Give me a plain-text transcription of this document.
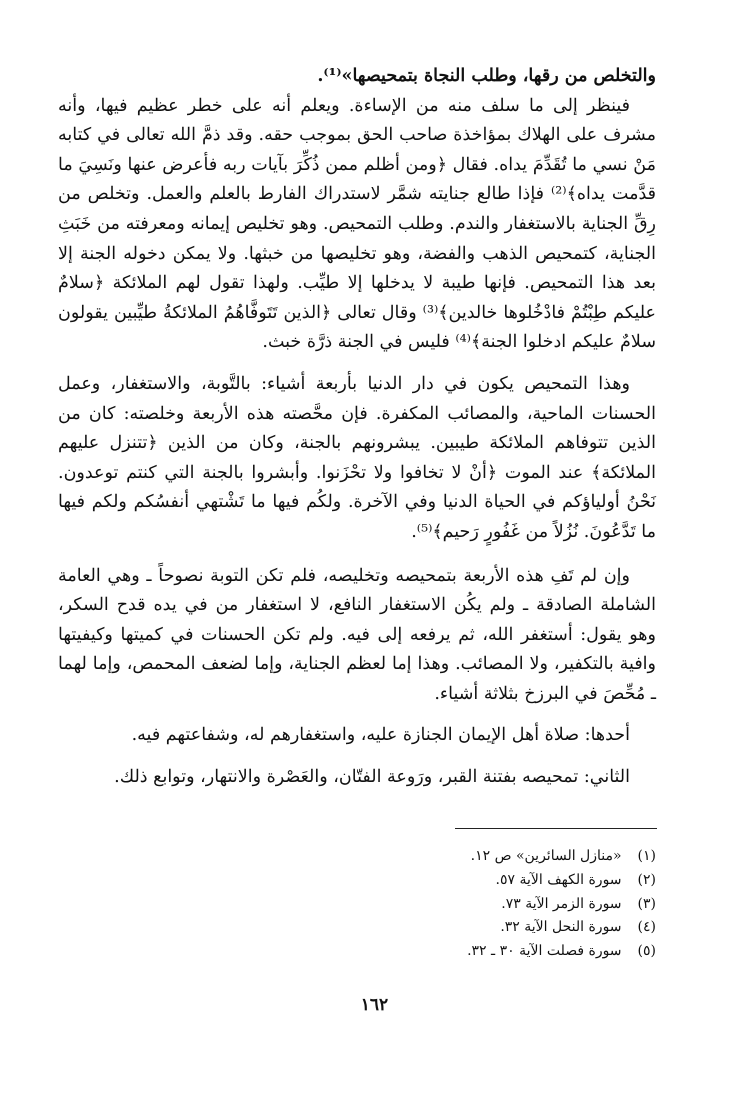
والتخلص من رقها، وطلب النجاة بتمحيصها»⁽¹⁾.

فينظر إلى ما سلف منه من الإساءة. ويعلم أنه على خطر عظيم فيها، وأنه مشرف على الهلاك بمؤاخذة صاحب الحق بموجب حقه. وقد ذمَّ الله تعالى في كتابه مَنْ نسي ما تُقَدِّمَ يداه. فقال ﴿ومن أظلم ممن ذُكِّرَ بآيات ربه فأعرض عنها ونَسِيَ ما قدَّمت يداه﴾⁽²⁾ فإذا طالع جنايته شمَّر لاستدراك الفارط بالعلم والعمل. وتخلص من رِقِّ الجناية بالاستغفار والندم. وطلب التمحيص. وهو تخليص إيمانه ومعرفته من خَبَثِ الجناية، كتمحيص الذهب والفضة، وهو تخليصها من خبثها. ولا يمكن دخوله الجنة إلا بعد هذا التمحيص. فإنها طيبة لا يدخلها إلا طيِّب. ولهذا تقول لهم الملائكة ﴿سلامٌ عليكم طِبْتُمْ فادْخُلوها خالدين﴾⁽³⁾ وقال تعالى ﴿الذين تَتَوفَّاهُمُ الملائكةُ طيِّبين يقولون سلامٌ عليكم ادخلوا الجنة﴾⁽⁴⁾ فليس في الجنة ذرَّة خبث.

وهذا التمحيص يكون في دار الدنيا بأربعة أشياء: بالتَّوبة، والاستغفار، وعمل الحسنات الماحية، والمصائب المكفرة. فإن محَّصته هذه الأربعة وخلصته: كان من الذين تتوفاهم الملائكة طيبين. يبشرونهم بالجنة، وكان من الذين ﴿تتنزل عليهم الملائكة﴾ عند الموت ﴿أنْ لا تخافوا ولا تحْزَنوا. وأبشروا بالجنة التي كنتم توعدون. نَحْنُ أولياؤكم في الحياة الدنيا وفي الآخرة. ولكُم فيها ما تَشْتهي أنفسُكم ولكم فيها ما تَدَّعُونَ. نُزُلاً من غَفُورٍ رَحيم﴾⁽⁵⁾.

وإن لم تَفِ هذه الأربعة بتمحيصه وتخليصه، فلم تكن التوبة نصوحاً ـ وهي العامة الشاملة الصادقة ـ ولم يكُن الاستغفار النافع، لا استغفار من في يده قدح السكر، وهو يقول: أستغفر الله، ثم يرفعه إلى فيه. ولم تكن الحسنات في كميتها وكيفيتها وافية بالتكفير، ولا المصائب. وهذا إما لعظم الجناية، وإما لضعف المحمص، وإما لهما ـ مُحِّصَ في البرزخ بثلاثة أشياء.

أحدها: صلاة أهل الإيمان الجنازة عليه، واستغفارهم له، وشفاعتهم فيه.

الثاني: تمحيصه بفتنة القبر، ورَوعة الفتّان، والعَصْرة والانتهار، وتوابع ذلك.

(١) «منازل السائرين» ص ١٢.
(٢) سورة الكهف الآية ٥٧.
(٣) سورة الزمر الآية ٧٣.
(٤) سورة النحل الآية ٣٢.
(٥) سورة فصلت الآية ٣٠ ـ ٣٢.
١٦٢
